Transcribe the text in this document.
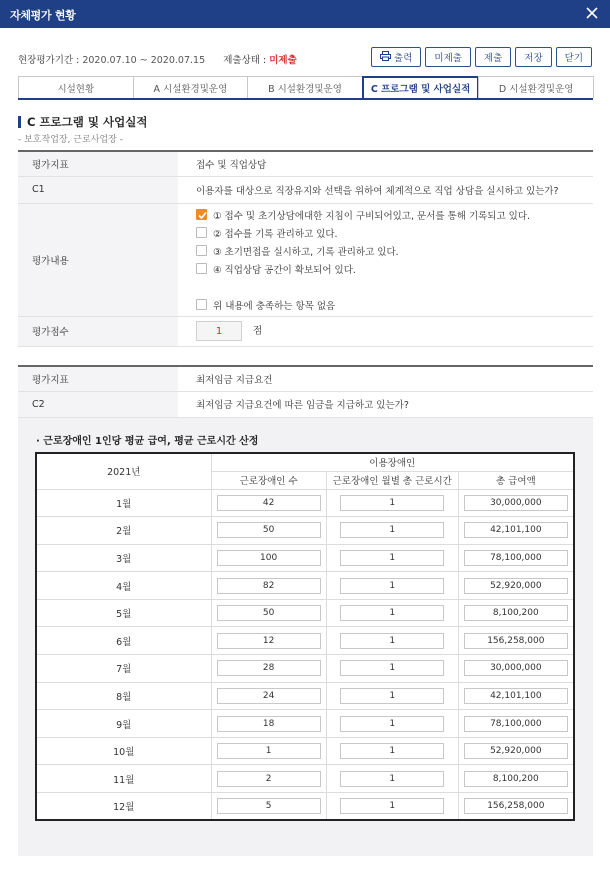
자체평가 현황
현장평가기간 : 2020.07.10 ~ 2020.07.15 제출상태 : 미제출	출력	미제출	제출	저장	닫기
시설현황	A 시설환경및운영	B 시설환경및운영	C 프로그램 및 사업실적	D 시설환경및운영
C 프로그램 및 사업실적
- 보호작업장, 근로사업장 -
평가지표	접수 및 직업상담
C1	이용자를 대상으로 직장유지와 선택을 위하여 체계적으로 직업 상담을 실시하고 있는가?
평가내용	① 접수 및 초기상담에대한 지침이 구비되어있고, 문서를 통해 기록되고 있다.
② 접수를 기록 관리하고 있다.
③ 초기면접을 실시하고, 기록 관리하고 있다.
④ 직업상담 공간이 확보되어 있다.
위 내용에 충족하는 항목 없음

평가점수	1 점
평가지표	최저임금 지급요건
C2	최저임금 지급요건에 따른 임금을 지급하고 있는가?
· 근로장애인 1인당 평균 급여, 평균 근로시간 산정
2021년	이용장애인		
	근로장애인 수	근로장애인 월별 총 근로시간	총 급여액
1월	42	1	30,000,000
2월	50	1	42,101,100
3월	100	1	78,100,000
4월	82	1	52,920,000
5월	50	1	8,100,200
6월	12	1	156,258,000
7월	28	1	30,000,000
8월	24	1	42,101,100
9월	18	1	78,100,000
10월	1	1	52,920,000
11월	2	1	8,100,200
12월	5	1	156,258,000
